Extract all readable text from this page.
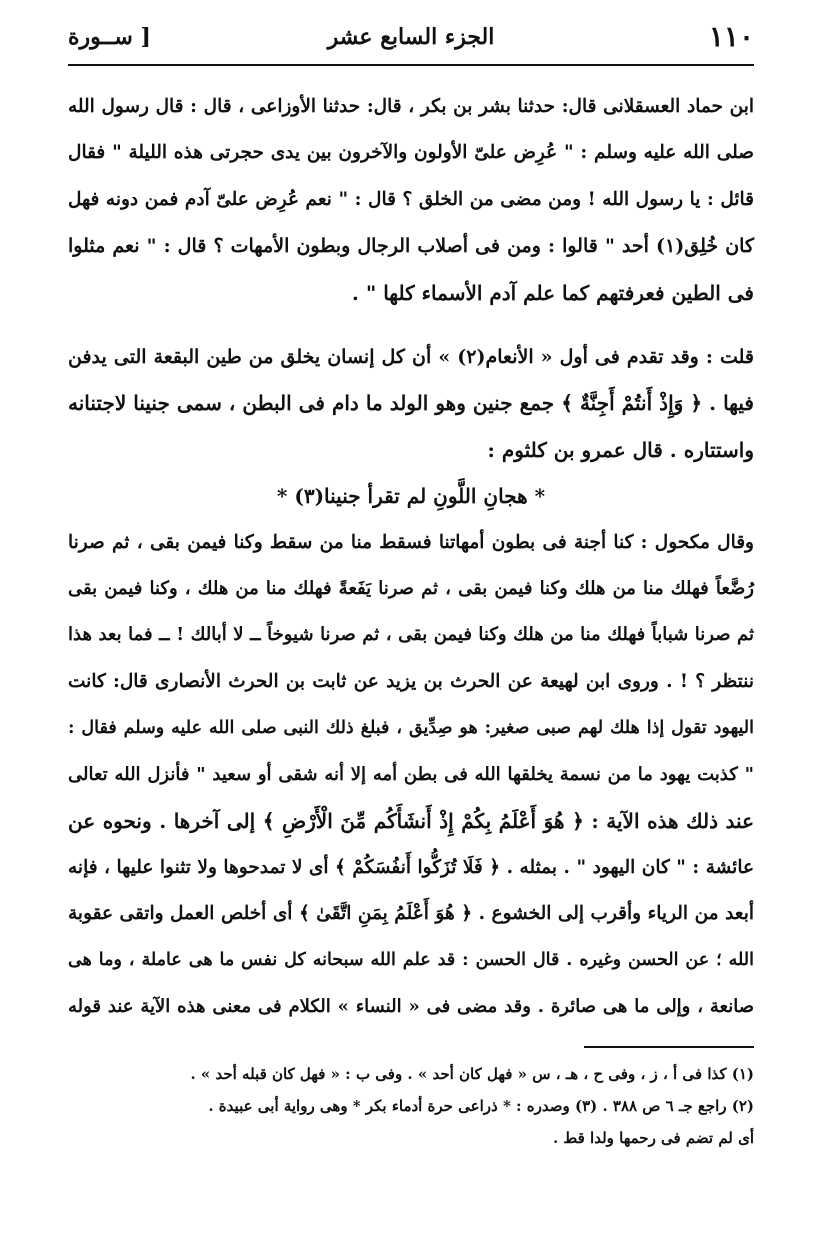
١١٠
الجزء السابع عشر
[ ســورة

ابن حماد العسقلانى قال: حدثنا بشر بن بكر ، قال: حدثنا الأوزاعى ، قال : قال رسول الله
صلى الله عليه وسلم : " عُرِض علىّ الأولون والآخرون بين يدى حجرتى هذه الليلة " فقال
قائل : يا رسول الله ! ومن مضى من الخلق ؟ قال : " نعم عُرِض علىّ آدم فمن دونه فهل
كان خُلِق(١) أحد " قالوا : ومن فى أصلاب الرجال وبطون الأمهات ؟ قال : " نعم مثلوا
فى الطين فعرفتهم كما علم آدم الأسماء كلها " .

قلت : وقد تقدم فى أول « الأنعام(٢) » أن كل إنسان يخلق من طين البقعة التى يدفن
فيها . ﴿ وَإِذْ أَنتُمْ أَجِنَّةٌ ﴾ جمع جنين وهو الولد ما دام فى البطن ، سمى جنينا لاجتنانه
واستتاره . قال عمرو بن كلثوم :

* هجانِ اللَّونِ لم تقرأ جنينا(٣) *

وقال مكحول : كنا أجنة فى بطون أمهاتنا فسقط منا من سقط وكنا فيمن بقى ، ثم صرنا
رُضَّعاً فهلك منا من هلك وكنا فيمن بقى ، ثم صرنا يَفَعةً فهلك منا من هلك ، وكنا فيمن بقى
ثم صرنا شباباً فهلك منا من هلك وكنا فيمن بقى ، ثم صرنا شيوخاً ــ لا أبالك ! ــ فما بعد هذا
ننتظر ؟ ! . وروى ابن لهيعة عن الحرث بن يزيد عن ثابت بن الحرث الأنصارى قال: كانت
اليهود تقول إذا هلك لهم صبى صغير: هو صِدِّيق ، فبلغ ذلك النبى صلى الله عليه وسلم فقال :
" كذبت يهود ما من نسمة يخلقها الله فى بطن أمه إلا أنه شقى أو سعيد " فأنزل الله تعالى
عند ذلك هذه الآية : ﴿ هُوَ أَعْلَمُ بِكُمْ إِذْ أَنشَأَكُم مِّنَ الْأَرْضِ ﴾ إلى آخرها . ونحوه عن
عائشة : " كان اليهود " . بمثله . ﴿ فَلَا تُزَكُّوا أَنفُسَكُمْ ﴾ أى لا تمدحوها ولا تثنوا عليها ، فإنه
أبعد من الرياء وأقرب إلى الخشوع . ﴿ هُوَ أَعْلَمُ بِمَنِ اتَّقَىٰ ﴾ أى أخلص العمل واتقى عقوبة
الله ؛ عن الحسن وغيره . قال الحسن : قد علم الله سبحانه كل نفس ما هى عاملة ، وما هى
صانعة ، وإلى ما هى صائرة . وقد مضى فى « النساء » الكلام فى معنى هذه الآية عند قوله

(١) كذا فى أ ، ز ، وفى ح ، هـ ، س « فهل كان أحد » . وفى ب : « فهل كان قبله أحد » .
(٢) راجع جـ ٦ ص ٣٨٨ . (٣) وصدره : * ذراعى حرة أدماء بكر * وهى رواية أبى عبيدة .
أى لم تضم فى رحمها ولدا قط .
